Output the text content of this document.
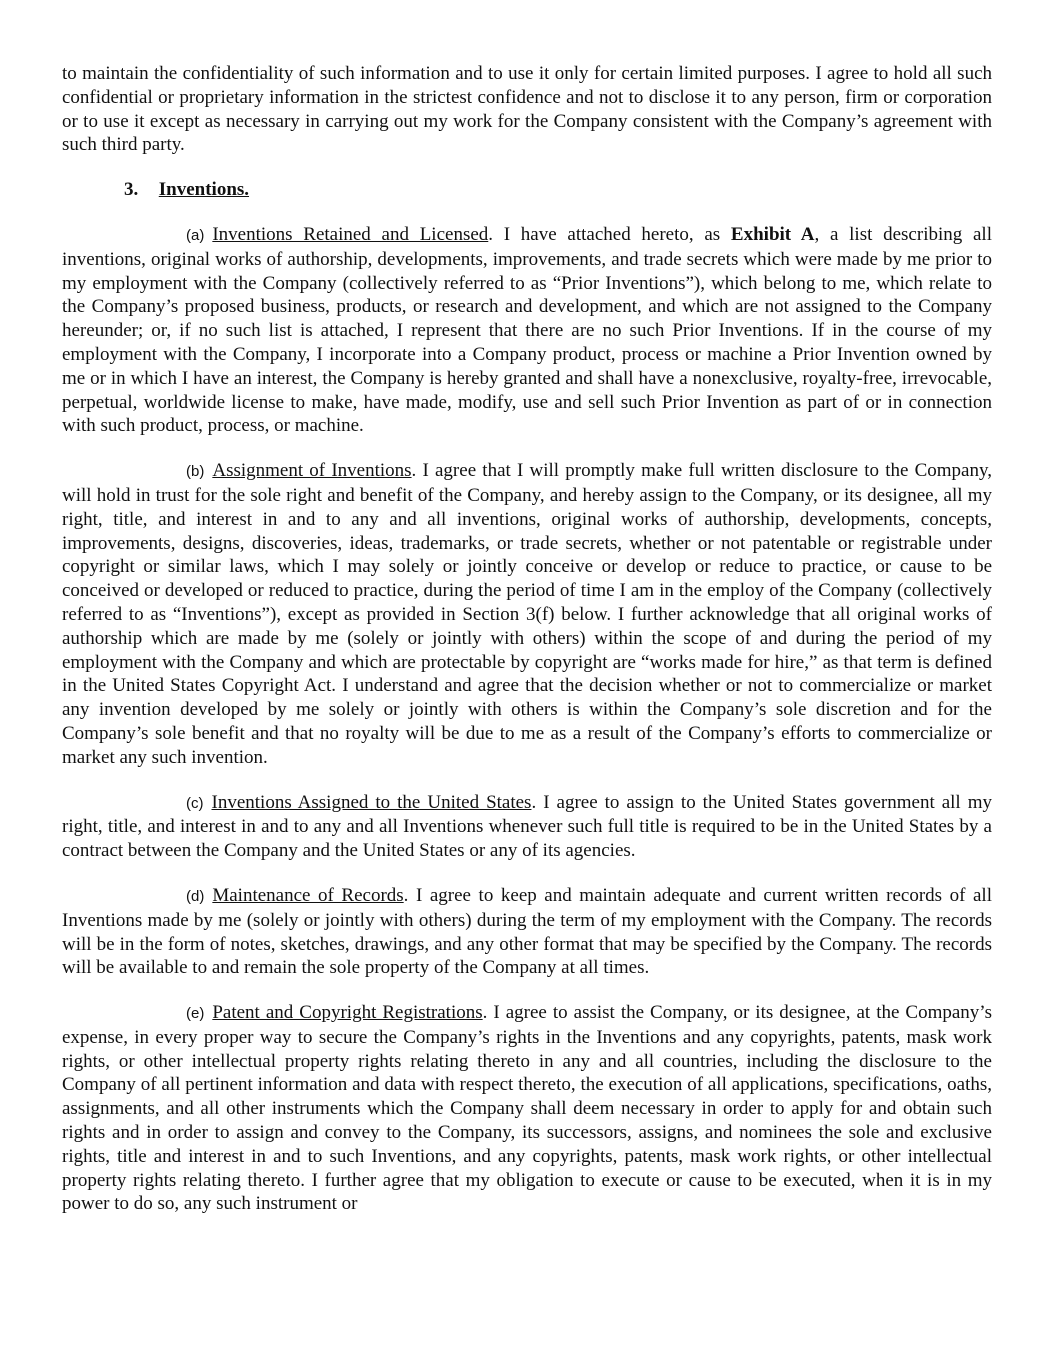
to maintain the confidentiality of such information and to use it only for certain limited purposes. I agree to hold all such confidential or proprietary information in the strictest confidence and not to disclose it to any person, firm or corporation or to use it except as necessary in carrying out my work for the Company consistent with the Company’s agreement with such third party.

3. Inventions.

(a) Inventions Retained and Licensed. I have attached hereto, as Exhibit A, a list describing all inventions, original works of authorship, developments, improvements, and trade secrets which were made by me prior to my employment with the Company (collectively referred to as “Prior Inventions”), which belong to me, which relate to the Company’s proposed business, products, or research and development, and which are not assigned to the Company hereunder; or, if no such list is attached, I represent that there are no such Prior Inventions. If in the course of my employment with the Company, I incorporate into a Company product, process or machine a Prior Invention owned by me or in which I have an interest, the Company is hereby granted and shall have a nonexclusive, royalty-free, irrevocable, perpetual, worldwide license to make, have made, modify, use and sell such Prior Invention as part of or in connection with such product, process, or machine.

(b) Assignment of Inventions. I agree that I will promptly make full written disclosure to the Company, will hold in trust for the sole right and benefit of the Company, and hereby assign to the Company, or its designee, all my right, title, and interest in and to any and all inventions, original works of authorship, developments, concepts, improvements, designs, discoveries, ideas, trademarks, or trade secrets, whether or not patentable or registrable under copyright or similar laws, which I may solely or jointly conceive or develop or reduce to practice, or cause to be conceived or developed or reduced to practice, during the period of time I am in the employ of the Company (collectively referred to as “Inventions”), except as provided in Section 3(f) below. I further acknowledge that all original works of authorship which are made by me (solely or jointly with others) within the scope of and during the period of my employment with the Company and which are protectable by copyright are “works made for hire,” as that term is defined in the United States Copyright Act. I understand and agree that the decision whether or not to commercialize or market any invention developed by me solely or jointly with others is within the Company’s sole discretion and for the Company’s sole benefit and that no royalty will be due to me as a result of the Company’s efforts to commercialize or market any such invention.

(c) Inventions Assigned to the United States. I agree to assign to the United States government all my right, title, and interest in and to any and all Inventions whenever such full title is required to be in the United States by a contract between the Company and the United States or any of its agencies.

(d) Maintenance of Records. I agree to keep and maintain adequate and current written records of all Inventions made by me (solely or jointly with others) during the term of my employment with the Company. The records will be in the form of notes, sketches, drawings, and any other format that may be specified by the Company. The records will be available to and remain the sole property of the Company at all times.

(e) Patent and Copyright Registrations. I agree to assist the Company, or its designee, at the Company’s expense, in every proper way to secure the Company’s rights in the Inventions and any copyrights, patents, mask work rights, or other intellectual property rights relating thereto in any and all countries, including the disclosure to the Company of all pertinent information and data with respect thereto, the execution of all applications, specifications, oaths, assignments, and all other instruments which the Company shall deem necessary in order to apply for and obtain such rights and in order to assign and convey to the Company, its successors, assigns, and nominees the sole and exclusive rights, title and interest in and to such Inventions, and any copyrights, patents, mask work rights, or other intellectual property rights relating thereto. I further agree that my obligation to execute or cause to be executed, when it is in my power to do so, any such instrument or
